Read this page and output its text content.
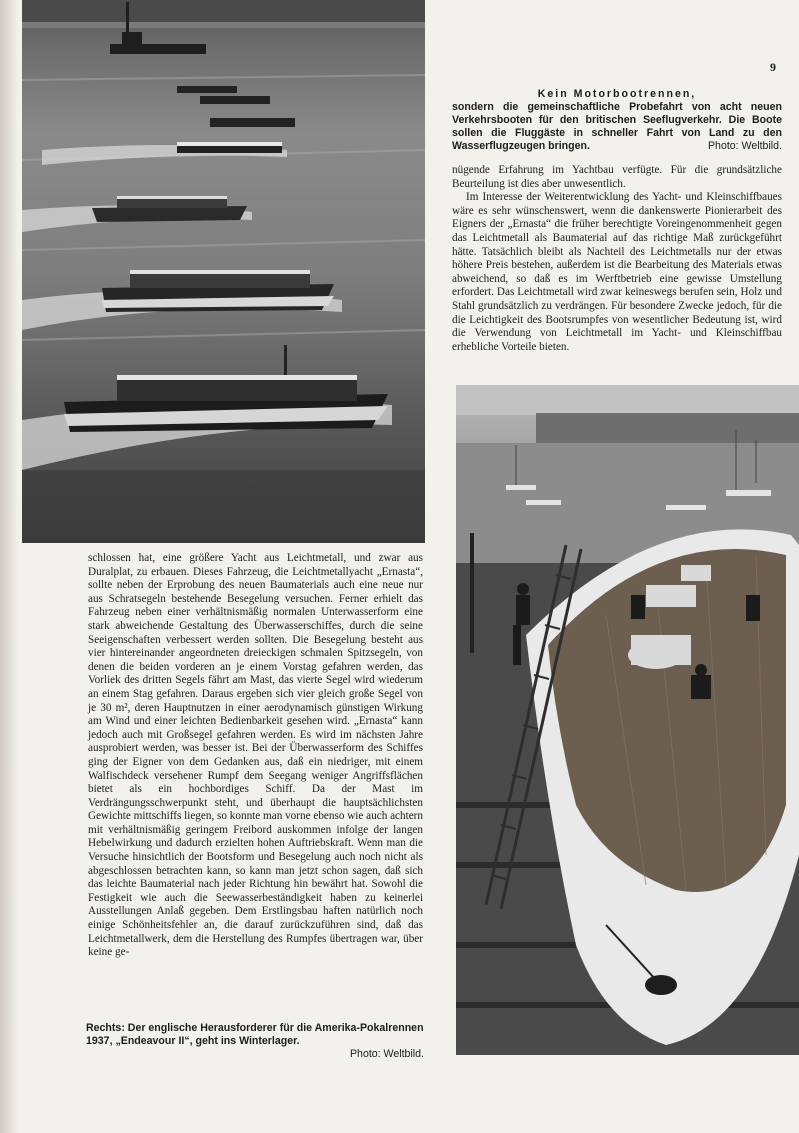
9
Kein Motorbootrennen,
sondern die gemeinschaftliche Probefahrt von acht neuen Verkehrsbooten für den britischen Seeflugverkehr. Die Boote sollen die Fluggäste in schneller Fahrt von Land zu den Wasserflugzeugen bringen.	Photo: Weltbild.

nügende Erfahrung im Yachtbau verfügte. Für die grundsätzliche Beurteilung ist dies aber unwesentlich.

Im Interesse der Weiterentwicklung des Yacht- und Kleinschiffbaues wäre es sehr wünschenswert, wenn die dankenswerte Pionierarbeit des Eigners der „Ernasta“ die früher berechtigte Voreingenommenheit gegen das Leichtmetall als Baumaterial auf das richtige Maß zurückgeführt hätte. Tatsächlich bleibt als Nachteil des Leichtmetalls nur der etwas höhere Preis bestehen, außerdem ist die Bearbeitung des Materials etwas abweichend, so daß es im Werftbetrieb eine gewisse Umstellung erfordert. Das Leichtmetall wird zwar keineswegs berufen sein, Holz und Stahl grundsätzlich zu verdrängen. Für besondere Zwecke jedoch, für die die Leichtigkeit des Bootsrumpfes von wesentlicher Bedeutung ist, wird die Verwendung von Leichtmetall im Yacht- und Kleinschiffbau erhebliche Vorteile bieten.

schlossen hat, eine größere Yacht aus Leichtmetall, und zwar aus Duralplat, zu erbauen. Dieses Fahrzeug, die Leichtmetallyacht „Ernasta“, sollte neben der Erprobung des neuen Baumaterials auch eine neue nur aus Schratsegeln bestehende Besegelung versuchen. Ferner erhielt das Fahrzeug neben einer verhältnismäßig normalen Unterwasserform eine stark abweichende Gestaltung des Überwasserschiffes, durch die seine Seeigenschaften verbessert werden sollten. Die Besegelung besteht aus vier hintereinander angeordneten dreieckigen schmalen Spitzsegeln, von denen die beiden vorderen an je einem Vorstag gefahren werden, das Vorliek des dritten Segels fährt am Mast, das vierte Segel wird wiederum an einem Stag gefahren. Daraus ergeben sich vier gleich große Segel von je 30 m², deren Hauptnutzen in einer aerodynamisch günstigen Wirkung am Wind und einer leichten Bedienbarkeit gesehen wird. „Ernasta“ kann jedoch auch mit Großsegel gefahren werden. Es wird im nächsten Jahre ausprobiert werden, was besser ist. Bei der Überwasserform des Schiffes ging der Eigner von dem Gedanken aus, daß ein niedriger, mit einem Walfischdeck versehener Rumpf dem Seegang weniger Angriffsflächen bietet als ein hochbordiges Schiff. Da der Mast im Verdrängungsschwerpunkt steht, und überhaupt die hauptsächlichsten Gewichte mittschiffs liegen, so konnte man vorne ebenso wie auch achtern mit verhältnismäßig geringem Freibord auskommen infolge der langen Hebelwirkung und dadurch erzielten hohen Auftriebskraft. Wenn man die Versuche hinsichtlich der Bootsform und Besegelung auch noch nicht als abgeschlossen betrachten kann, so kann man jetzt schon sagen, daß sich das leichte Baumaterial nach jeder Richtung hin bewährt hat. Sowohl die Festigkeit wie auch die Seewasserbeständigkeit haben zu keinerlei Ausstellungen Anlaß gegeben. Dem Erstlingsbau haften natürlich noch einige Schönheitsfehler an, die darauf zurückzuführen sind, daß das Leichtmetallwerk, dem die Herstellung des Rumpfes übertragen war, über keine ge-

Rechts: Der englische Herausforderer für die Amerika-Pokalrennen 1937, „Endeavour II“, geht ins Winterlager.
Photo: Weltbild.
